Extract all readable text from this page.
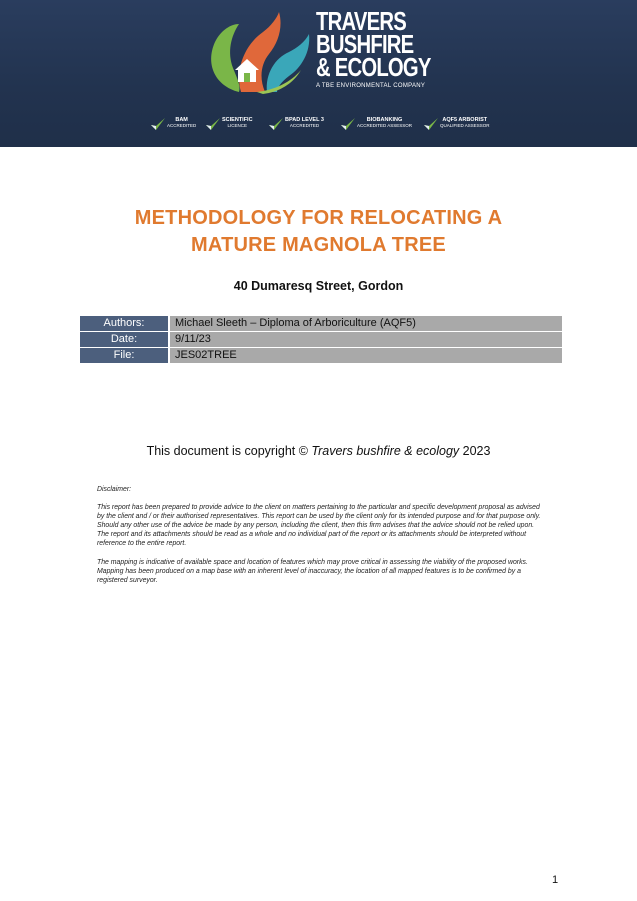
TRAVERS
BUSHFIRE
& ECOLOGY
A TBE ENVIRONMENTAL COMPANY
BAM
ACCREDITED
SCIENTIFIC
LICENCE
BPAD LEVEL 3
ACCREDITED
BIOBANKING
ACCREDITED ASSESSOR
AQF5 ARBORIST
QUALIFIED ASSESSOR
METHODOLOGY FOR RELOCATING A
MATURE MAGNOLA TREE
40 Dumaresq Street, Gordon
Authors:		Michael Sleeth – Diploma of Arboriculture (AQF5)
Date:		9/11/23
File:		JES02TREE
This document is copyright © Travers bushfire & ecology 2023
Disclaimer:
This report has been prepared to provide advice to the client on matters pertaining to the particular and specific development proposal as advised by the client and / or their authorised representatives. This report can be used by the client only for its intended purpose and for that purpose only. Should any other use of the advice be made by any person, including the client, then this firm advises that the advice should not be relied upon. The report and its attachments should be read as a whole and no individual part of the report or its attachments should be interpreted without reference to the entire report.
The mapping is indicative of available space and location of features which may prove critical in assessing the viability of the proposed works. Mapping has been produced on a map base with an inherent level of inaccuracy, the location of all mapped features is to be confirmed by a registered surveyor.
1
